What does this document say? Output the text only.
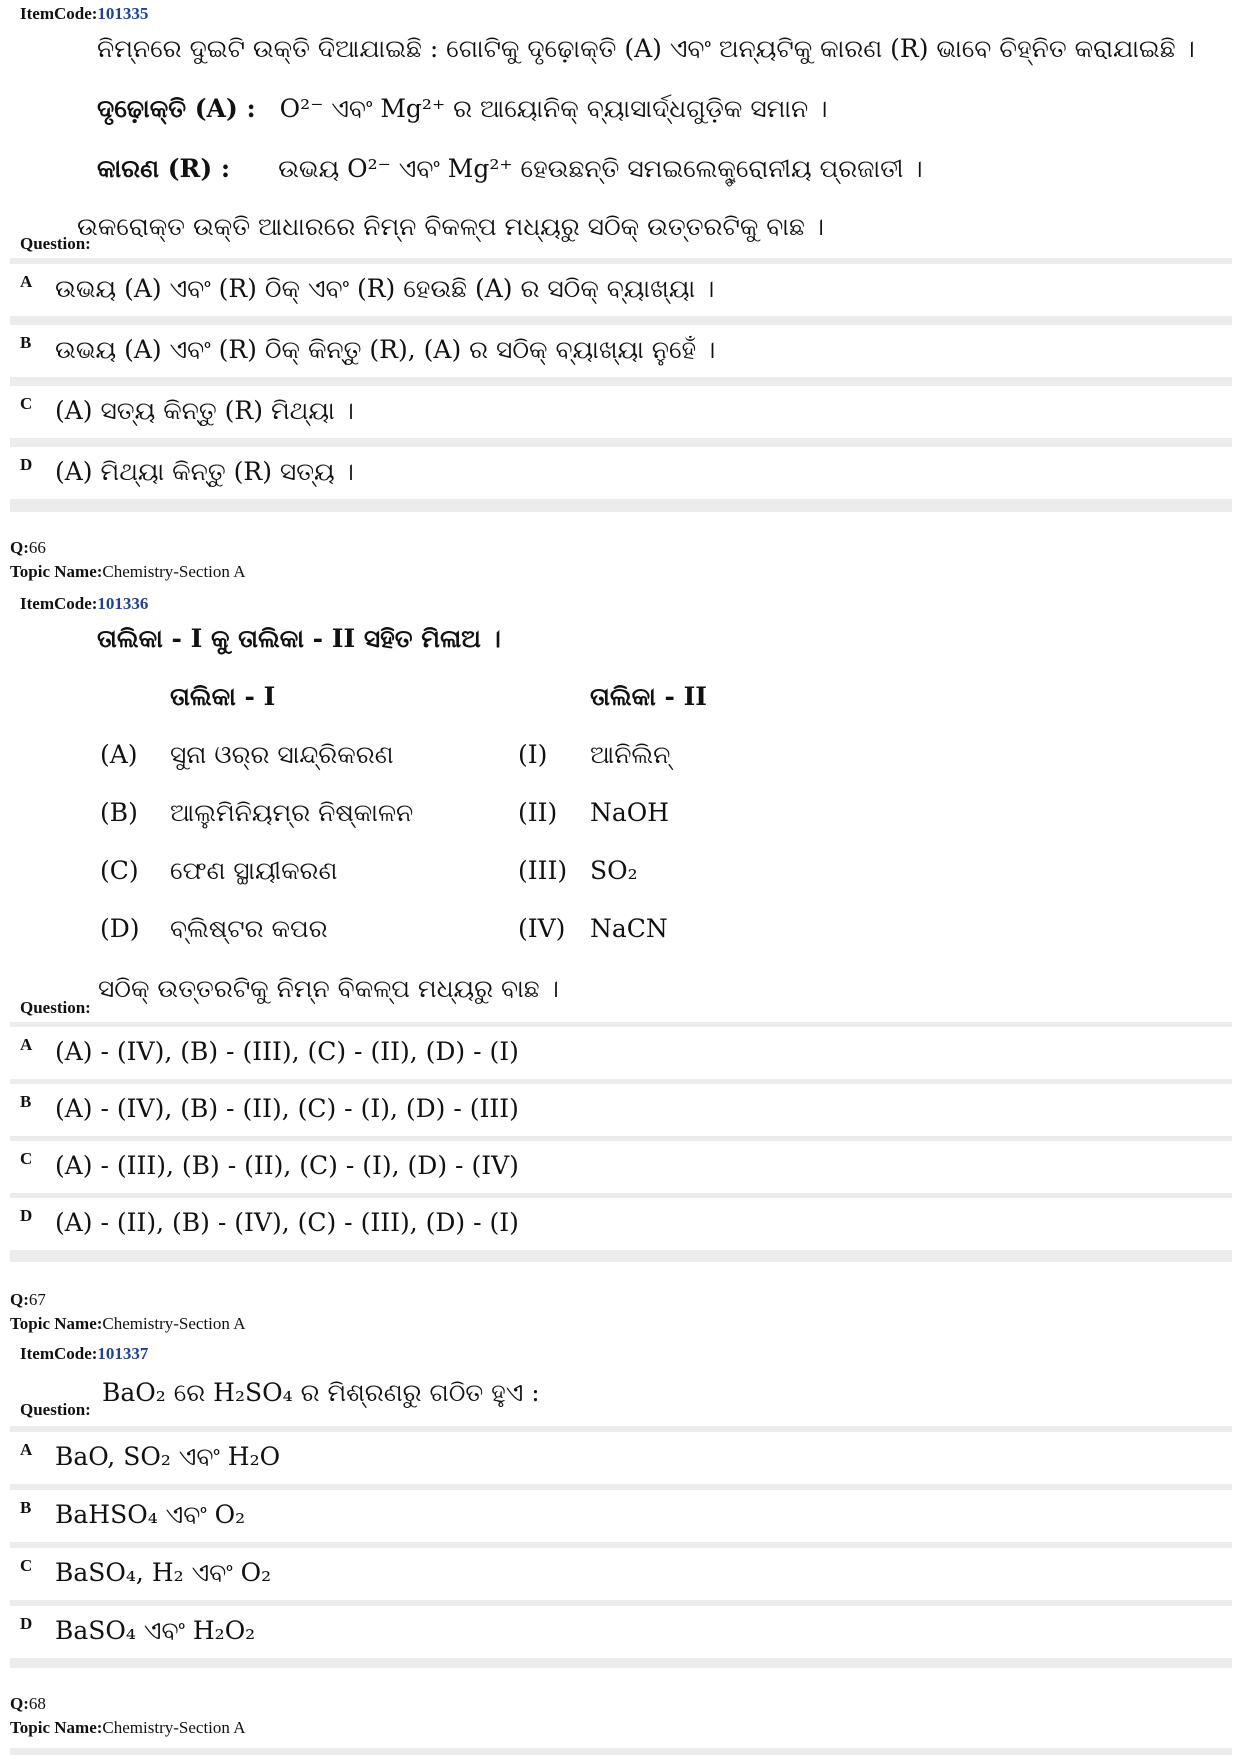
ItemCode:101335
ନିମ୍ନରେ ଦୁଇଟି ଉକ୍ତି ଦିଆଯାଇଛି : ଗୋଟିକୁ ଦୃଢ଼ୋକ୍ତି (A) ଏବଂ ଅନ୍ୟଟିକୁ କାରଣ (R) ଭାବେ ଚିହ୍ନିତ କରାଯାଇଛି ।
ଦୃଢ଼ୋକ୍ତି (A) : O²⁻ ଏବଂ Mg²⁺ ର ଆୟୋନିକ୍ ବ୍ୟାସାର୍ଦ୍ଧଗୁଡ଼ିକ ସମାନ ।
କାରଣ (R) : ଉଭୟ O²⁻ ଏବଂ Mg²⁺ ହେଉଛନ୍ତି ସମଇଲେକ୍ଟ୍ରୋନୀୟ ପ୍ରଜାତୀ ।
ଉକରୋକ୍ତ ଉକ୍ତି ଆଧାରରେ ନିମ୍ନ ବିକଳ୍ପ ମଧ୍ୟରୁ ସଠିକ୍ ଉତ୍ତରଟିକୁ ବାଛ ।
Question:
A ଉଭୟ (A) ଏବଂ (R) ଠିକ୍ ଏବଂ (R) ହେଉଛି (A) ର ସଠିକ୍ ବ୍ୟାଖ୍ୟା ।
B ଉଭୟ (A) ଏବଂ (R) ଠିକ୍ କିନ୍ତୁ (R), (A) ର ସଠିକ୍ ବ୍ୟାଖ୍ୟା ନୁହେଁ ।
C (A) ସତ୍ୟ କିନ୍ତୁ (R) ମିଥ୍ୟା ।
D (A) ମିଥ୍ୟା କିନ୍ତୁ (R) ସତ୍ୟ ।
Q:66
Topic Name:Chemistry-Section A
ItemCode:101336
ତାଲିକା - I କୁ ତାଲିକା - II ସହିତ ମିଳାଅ ।
ତାଲିକା - I	ତାଲିକା - II
(A) ସୁନା ଓର୍‌ର ସାନ୍ଦ୍ରିକରଣ	(I) ଆନିଲିନ୍
(B) ଆଲୁମିନିୟମ୍‌ର ନିଷ୍କାଳନ	(II) NaOH
(C) ଫେଣ ସ୍ଥାୟୀକରଣ	(III) SO₂
(D) ବ୍ଲିଷ୍ଟର କପର	(IV) NaCN
ସଠିକ୍ ଉତ୍ତରଟିକୁ ନିମ୍ନ ବିକଳ୍ପ ମଧ୍ୟରୁ ବାଛ ।
Question:
A (A) - (IV), (B) - (III), (C) - (II), (D) - (I)
B (A) - (IV), (B) - (II), (C) - (I), (D) - (III)
C (A) - (III), (B) - (II), (C) - (I), (D) - (IV)
D (A) - (II), (B) - (IV), (C) - (III), (D) - (I)
Q:67
Topic Name:Chemistry-Section A
ItemCode:101337
BaO₂ ରେ H₂SO₄ ର ମିଶ୍ରଣରୁ ଗଠିତ ହୁଏ :
Question:
A BaO, SO₂ ଏବଂ H₂O
B BaHSO₄ ଏବଂ O₂
C BaSO₄, H₂ ଏବଂ O₂
D BaSO₄ ଏବଂ H₂O₂
Q:68
Topic Name:Chemistry-Section A
